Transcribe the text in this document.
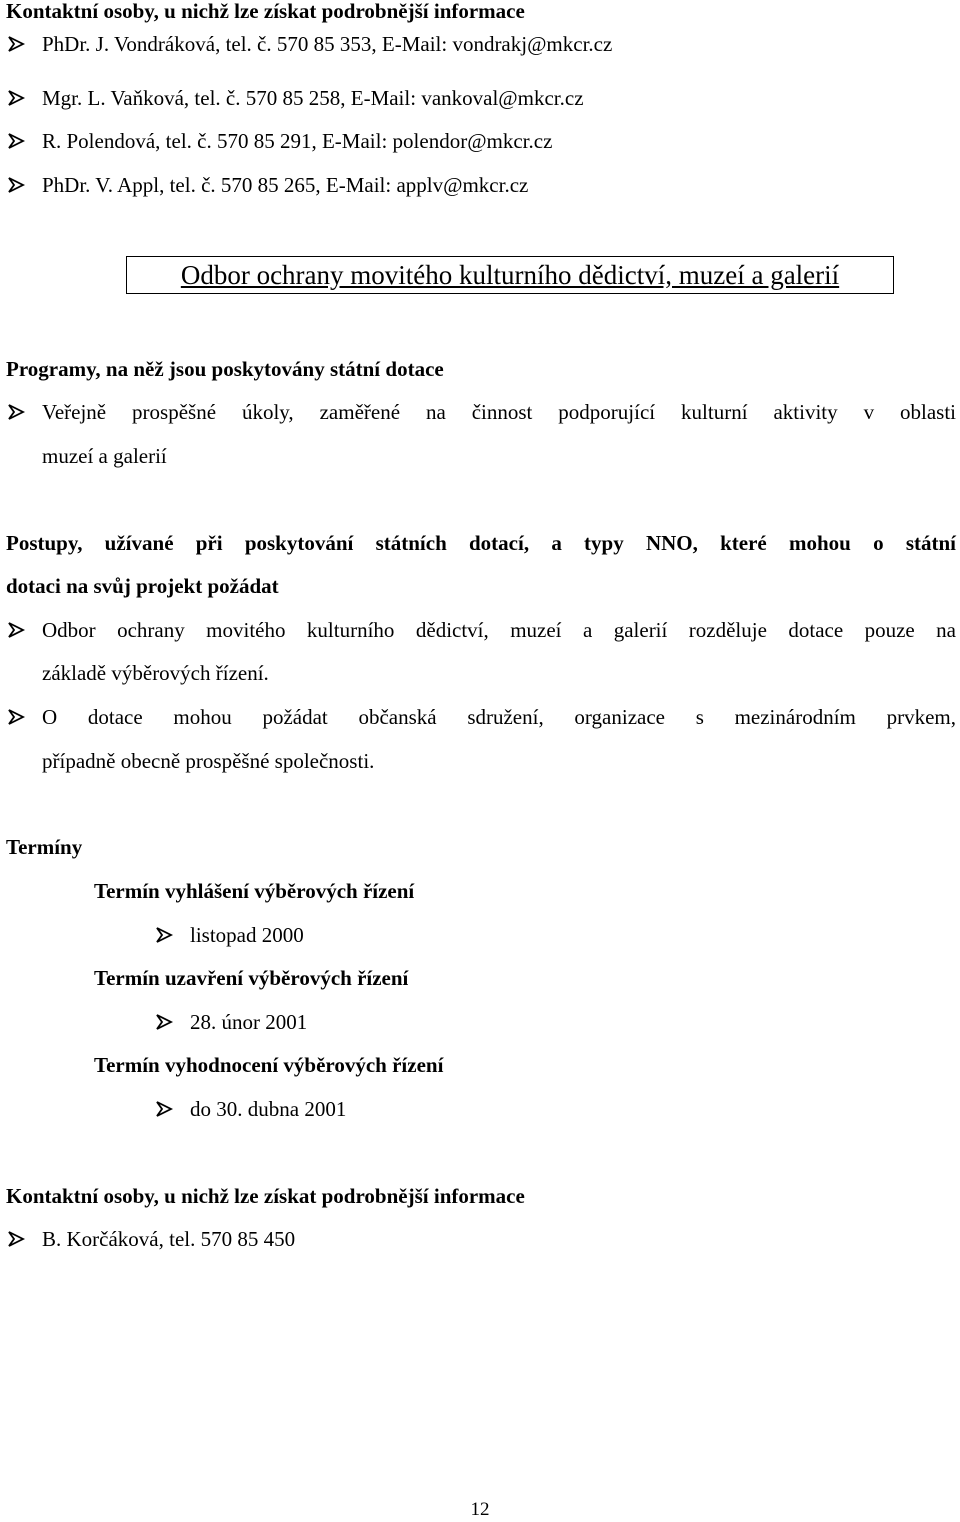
Kontaktní osoby, u nichž lze získat podrobnější informace
PhDr. J. Vondráková, tel. č. 570 85 353, E-Mail: vondrakj@mkcr.cz
Mgr. L. Vaňková, tel. č. 570 85 258, E-Mail: vankoval@mkcr.cz
R. Polendová, tel. č. 570 85 291, E-Mail: polendor@mkcr.cz
PhDr. V. Appl, tel. č. 570 85 265, E-Mail: applv@mkcr.cz
Odbor ochrany movitého kulturního dědictví, muzeí a galerií
Programy, na něž jsou poskytovány státní dotace
Veřejně prospěšné úkoly, zaměřené na činnost podporující kulturní aktivity v oblasti
muzeí a galerií
Postupy, užívané při poskytování státních dotací, a typy NNO, které mohou o státní
dotaci na svůj projekt požádat
Odbor ochrany movitého kulturního dědictví, muzeí a galerií rozděluje dotace pouze na
základě výběrových řízení.
O dotace mohou požádat občanská sdružení, organizace s mezinárodním prvkem,
případně obecně prospěšné společnosti.
Termíny
Termín vyhlášení výběrových řízení
listopad 2000
Termín uzavření výběrových řízení
28. únor 2001
Termín vyhodnocení výběrových řízení
do 30. dubna 2001
Kontaktní osoby, u nichž lze získat podrobnější informace
B. Korčáková, tel. 570 85 450
12
